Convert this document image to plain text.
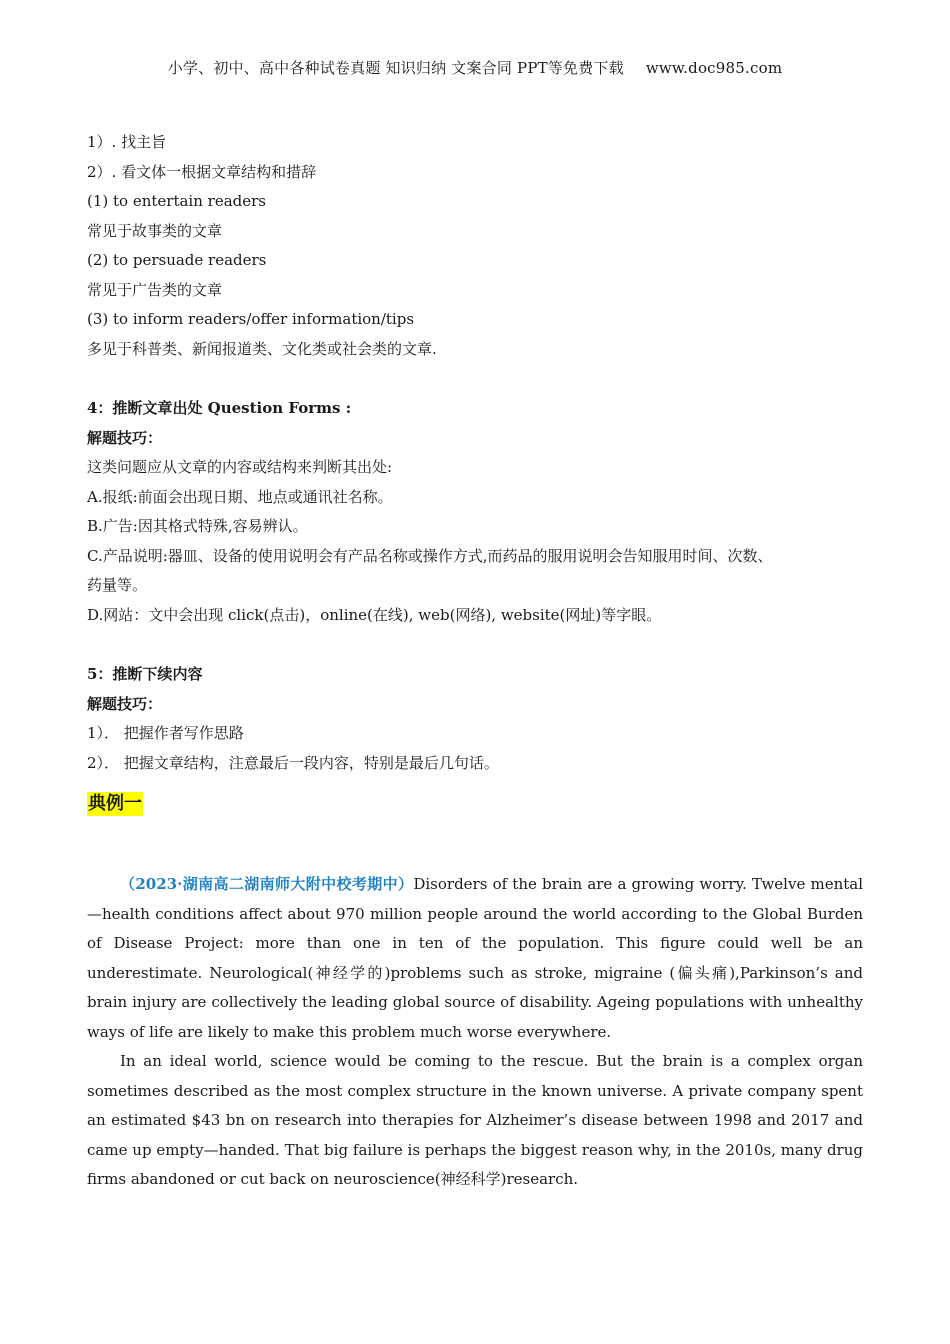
小学、初中、高中各种试卷真题 知识归纳 文案合同 PPT等免费下载 www.doc985.com
1）. 找主旨
2）. 看文体一根据文章结构和措辞
(1) to entertain readers
常见于故事类的文章
(2) to persuade readers
常见于广告类的文章
(3) to inform readers/offer information/tips
多见于科普类、新闻报道类、文化类或社会类的文章.
4：推断文章出处 Question Forms :
解题技巧：
这类问题应从文章的内容或结构来判断其出处:
A.报纸:前面会出现日期、地点或通讯社名称。
B.广告:因其格式特殊,容易辨认。
C.产品说明:器皿、设备的使用说明会有产品名称或操作方式,而药品的服用说明会告知服用时间、次数、
药量等。
D.网站：文中会出现 click(点击)，online(在线), web(网络), website(网址)等字眼。
5：推断下续内容
解题技巧：
1）． 把握作者写作思路
2）． 把握文章结构，注意最后一段内容，特别是最后几句话。
典例一

（2023·湖南高二湖南师大附中校考期中）Disorders of the brain are a growing worry. Twelve mental—health conditions affect about 970 million people around the world according to the Global Burden of Disease Project: more than one in ten of the population. This figure could well be an underestimate. Neurological(神经学的)problems such as stroke, migraine (偏头痛),Parkinson’s and brain injury are collectively the leading global source of disability. Ageing populations with unhealthy ways of life are likely to make this problem much worse everywhere.

In an ideal world, science would be coming to the rescue. But the brain is a complex organ sometimes described as the most complex structure in the known universe. A private company spent an estimated $43 bn on research into therapies for Alzheimer’s disease between 1998 and 2017 and came up empty—handed. That big failure is perhaps the biggest reason why, in the 2010s, many drug firms abandoned or cut back on neuroscience(神经科学)research.
